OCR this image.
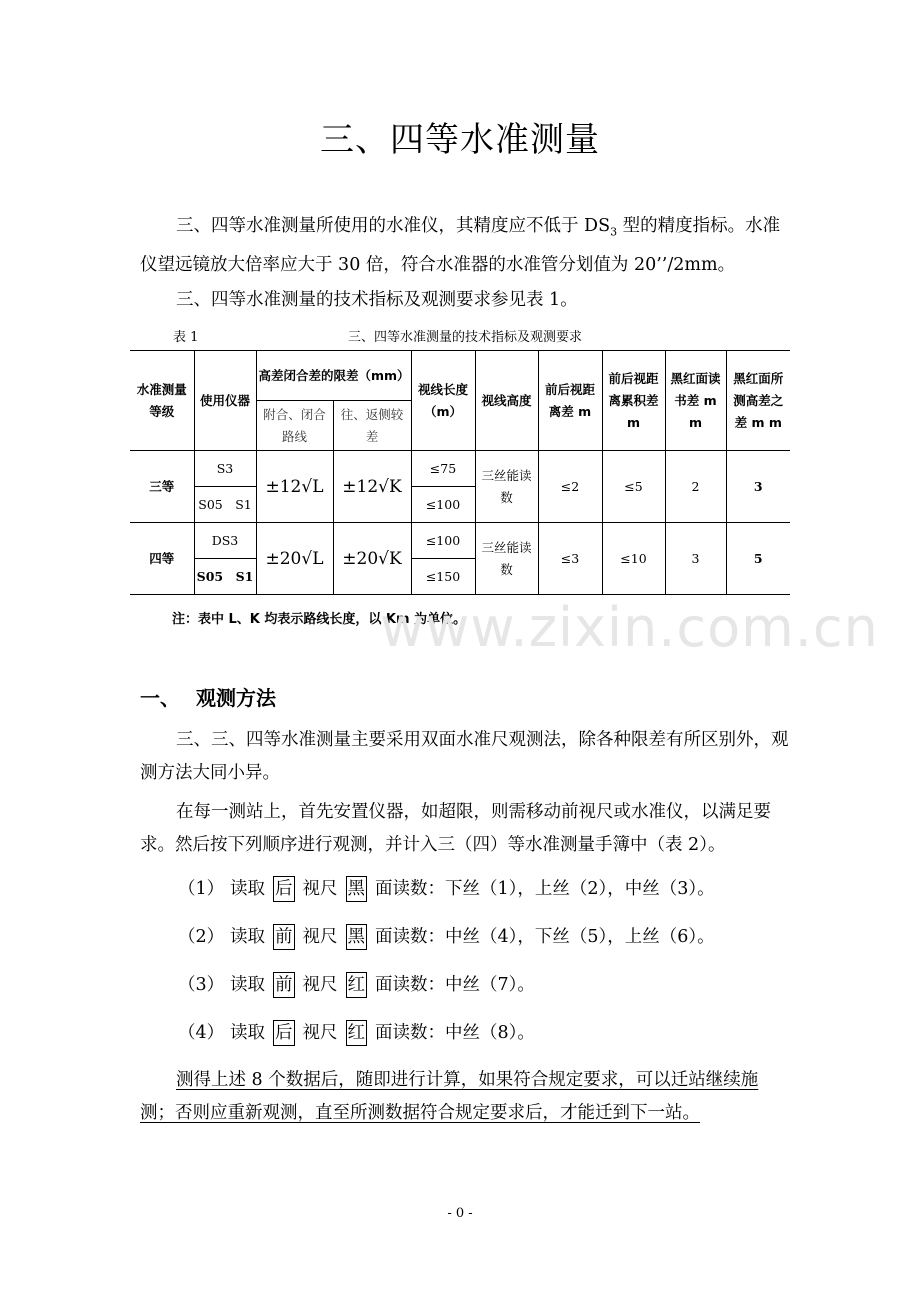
三、四等水准测量
三、四等水准测量所使用的水准仪，其精度应不低于 $DS_3$ 型的精度指标。水准仪望远镜放大倍率应大于 30 倍，符合水准器的水准管分划值为 20’’/2mm。
三、四等水准测量的技术指标及观测要求参见表 1。
表 1	三、四等水准测量的技术指标及观测要求
水准测量等级	使用仪器	高差闭合差的限差（mm）		视线长度（m）	视线高度	前后视距离差 m	前后视距离累积差 m	黑红面读书差 m m	黑红面所测高差之差 m m
		附合、闭合路线	往、返侧较差						
三等	S3	±12√L	±12√K	≤75	三丝能读数	≤2	≤5	2	3
	S05　S1			≤100					
四等	DS3	±20√L	±20√K	≤100	三丝能读数	≤3	≤10	3	5
	S05　S1			≤150					
注：表中 L、K 均表示路线长度，以 Km 为单位。
www.zixin.com.cn
一、 观测方法
三、三、四等水准测量主要采用双面水准尺观测法，除各种限差有所区别外，观测方法大同小异。
在每一测站上，首先安置仪器，如超限，则需移动前视尺或水准仪，以满足要求。然后按下列顺序进行观测，并计入三（四）等水准测量手簿中（表 2）。
（1） 读取 后 视尺 黑 面读数：下丝（1），上丝（2），中丝（3）。
（2） 读取 前 视尺 黑 面读数：中丝（4），下丝（5），上丝（6）。
（3） 读取 前 视尺 红 面读数：中丝（7）。
（4） 读取 后 视尺 红 面读数：中丝（8）。
测得上述 8 个数据后，随即进行计算，如果符合规定要求，可以迁站继续施测；否则应重新观测，直至所测数据符合规定要求后，才能迁到下一站。
- 0 -
